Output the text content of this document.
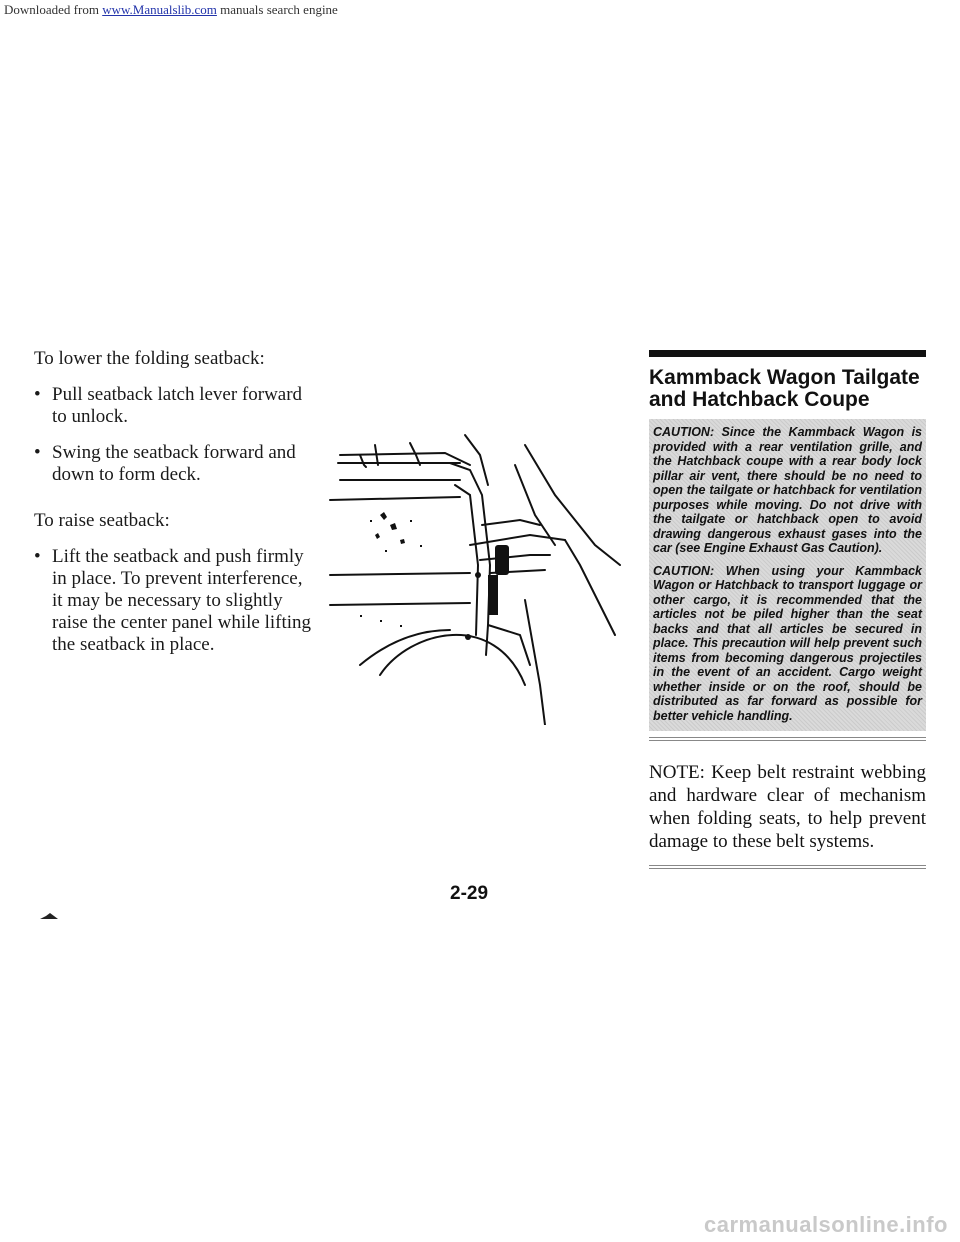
Downloaded from www.Manualslib.com manuals search engine

To lower the folding seatback:

• Pull seatback latch lever forward to unlock.
• Swing the seatback forward and down to form deck.

To raise seatback:

• Lift the seatback and push firmly in place. To prevent interference, it may be necessary to slightly raise the center panel while lifting the seatback in place.
Kammback Wagon Tailgate and Hatchback Coupe

CAUTION: Since the Kammback Wagon is provided with a rear ventilation grille, and the Hatchback coupe with a rear body lock pillar air vent, there should be no need to open the tailgate or hatchback for ventilation purposes while moving. Do not drive with the tailgate or hatchback open to avoid drawing dangerous exhaust gases into the car (see Engine Exhaust Gas Caution).

CAUTION: When using your Kammback Wagon or Hatchback to transport luggage or other cargo, it is recommended that the articles not be piled higher than the seat backs and that all articles be secured in place. This precaution will help prevent such items from becoming dangerous projectiles in the event of an accident. Cargo weight whether inside or on the roof, should be distributed as far forward as possible for better vehicle handling.

NOTE: Keep belt restraint webbing and hardware clear of mechanism when folding seats, to help prevent damage to these belt systems.
2-29
carmanualsonline.info
